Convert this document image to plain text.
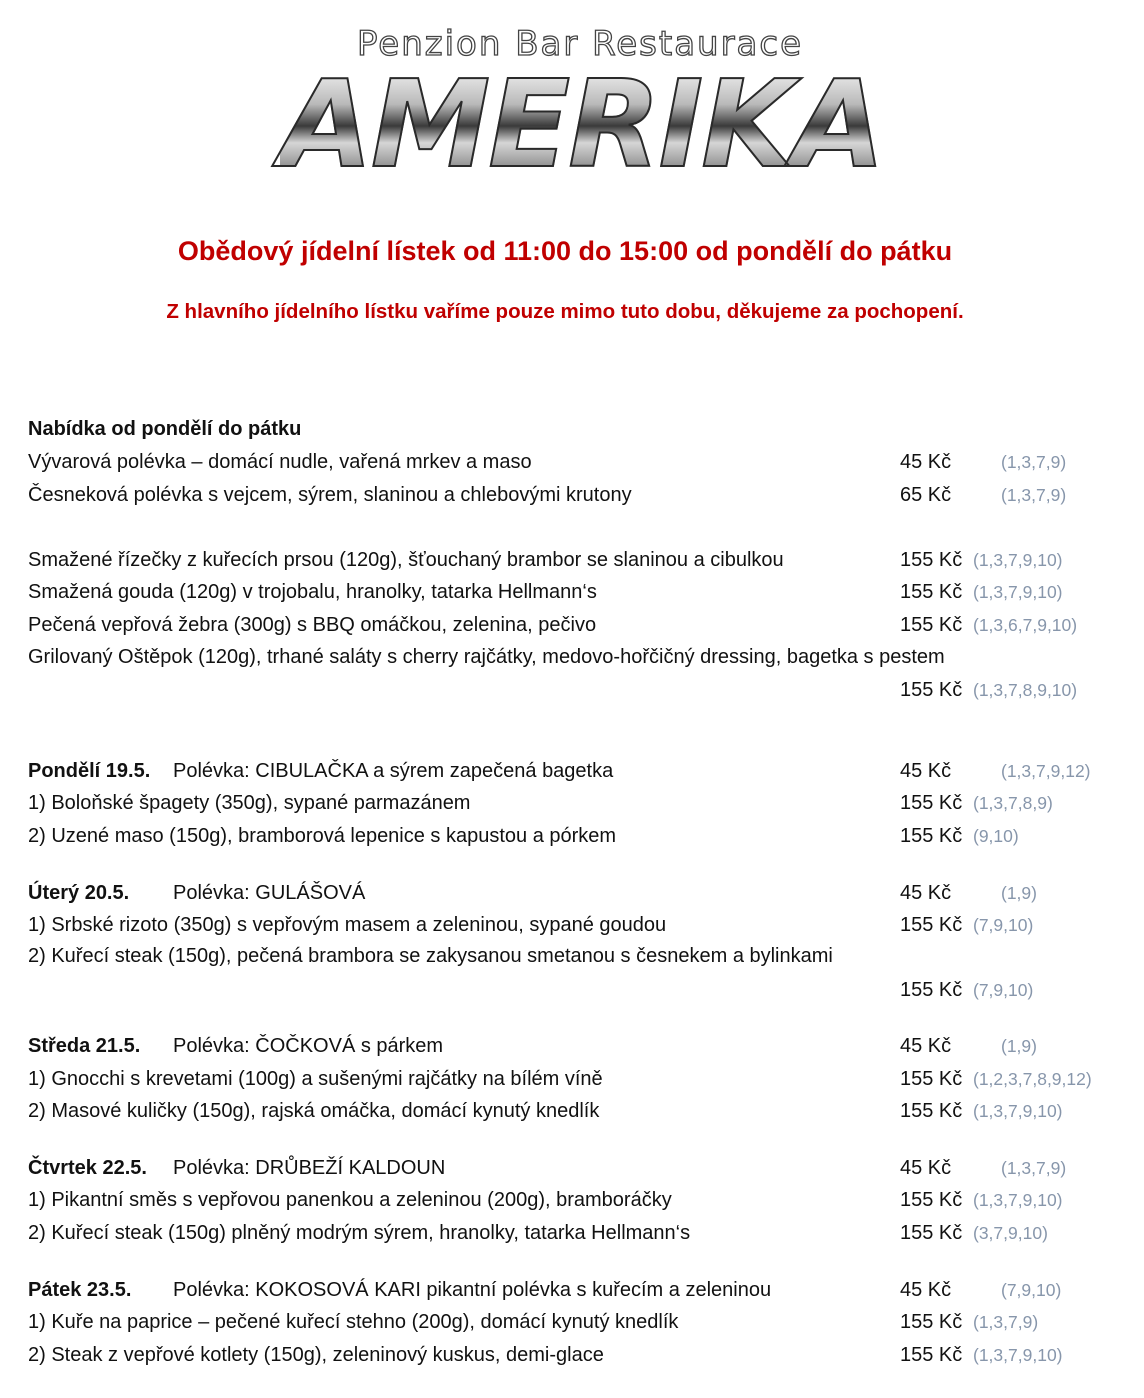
Penzion Bar Restaurace
AMERIKA
Obědový jídelní lístek od 11:00 do 15:00 od pondělí do pátku
Z hlavního jídelního lístku vaříme pouze mimo tuto dobu, děkujeme za pochopení.
Nabídka od pondělí do pátku
Vývarová polévka – domácí nudle, vařená mrkev a maso	45 Kč	(1,3,7,9)
Česneková polévka s vejcem, sýrem, slaninou a chlebovými krutony	65 Kč	(1,3,7,9)
Smažené řízečky z kuřecích prsou (120g), šťouchaný brambor se slaninou a cibulkou	155 Kč (1,3,7,9,10)
Smažená gouda (120g) v trojobalu, hranolky, tatarka Hellmann‘s	155 Kč (1,3,7,9,10)
Pečená vepřová žebra (300g) s BBQ omáčkou, zelenina, pečivo	155 Kč (1,3,6,7,9,10)
Grilovaný Oštěpok (120g), trhané saláty s cherry rajčátky, medovo-hořčičný dressing, bagetka s pestem
155 Kč (1,3,7,8,9,10)
Pondělí 19.5. Polévka: CIBULAČKA a sýrem zapečená bagetka	45 Kč	(1,3,7,9,12)
1) Boloňské špagety (350g), sypané parmazánem	155 Kč (1,3,7,8,9)
2) Uzené maso (150g), bramborová lepenice s kapustou a pórkem	155 Kč (9,10)
Úterý 20.5. Polévka: GULÁŠOVÁ	45 Kč	(1,9)
1) Srbské rizoto (350g) s vepřovým masem a zeleninou, sypané goudou	155 Kč (7,9,10)
2) Kuřecí steak (150g), pečená brambora se zakysanou smetanou s česnekem a bylinkami
155 Kč (7,9,10)
Středa 21.5. Polévka: ČOČKOVÁ s párkem	45 Kč	(1,9)
1) Gnocchi s krevetami (100g) a sušenými rajčátky na bílém víně	155 Kč (1,2,3,7,8,9,12)
2) Masové kuličky (150g), rajská omáčka, domácí kynutý knedlík	155 Kč (1,3,7,9,10)
Čtvrtek 22.5. Polévka: DRŮBEŽÍ KALDOUN	45 Kč	(1,3,7,9)
1) Pikantní směs s vepřovou panenkou a zeleninou (200g), bramboráčky	155 Kč (1,3,7,9,10)
2) Kuřecí steak (150g) plněný modrým sýrem, hranolky, tatarka Hellmann‘s	155 Kč (3,7,9,10)
Pátek 23.5. Polévka: KOKOSOVÁ KARI pikantní polévka s kuřecím a zeleninou	45 Kč	(7,9,10)
1) Kuře na paprice – pečené kuřecí stehno (200g), domácí kynutý knedlík	155 Kč (1,3,7,9)
2) Steak z vepřové kotlety (150g), zeleninový kuskus, demi-glace	155 Kč (1,3,7,9,10)
